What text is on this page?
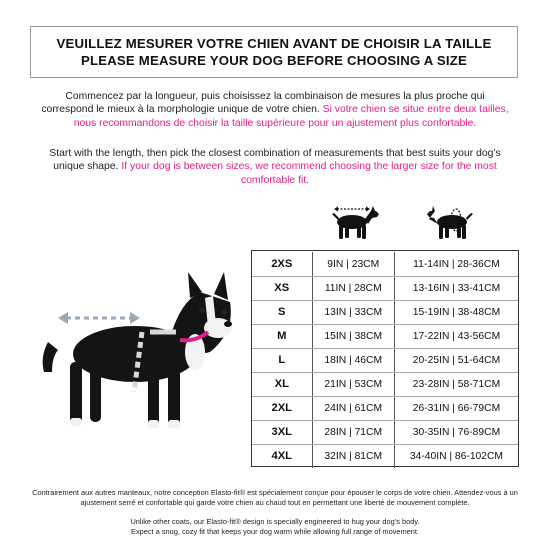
VEUILLEZ MESURER VOTRE CHIEN AVANT DE CHOISIR LA TAILLE
PLEASE MEASURE YOUR DOG BEFORE CHOOSING A SIZE
Commencez par la longueur, puis choisissez la combinaison de mesures la plus proche qui correspond le mieux à la morphologie unique de votre chien. Si votre chien se situe entre deux tailles, nous recommandons de choisir la taille supérieure pour un ajustement plus confortable.
Start with the length, then pick the closest combination of measurements that best suits your dog’s unique shape. If your dog is between sizes, we recommend choosing the larger size for the most comfortable fit.
2XS	9IN | 23CM	11-14IN | 28-36CM
XS	11IN | 28CM	13-16IN | 33-41CM
S	13IN | 33CM	15-19IN | 38-48CM
M	15IN | 38CM	17-22IN | 43-56CM
L	18IN | 46CM	20-25IN | 51-64CM
XL	21IN | 53CM	23-28IN | 58-71CM
2XL	24IN | 61CM	26-31IN | 66-79CM
3XL	28IN | 71CM	30-35IN | 76-89CM
4XL	32IN | 81CM	34-40IN | 86-102CM
Contrairement aux autres manteaux, notre conception Elasto-fit® est spécialement conçue pour épouser le corps de votre chien. Attendez-vous à un ajustement serré et confortable qui garde votre chien au chaud tout en permettant une liberté de mouvement complète.
Unlike other coats, our Elasto-fit® design is specially engineered to hug your dog’s body.
Expect a snug, cozy fit that keeps your dog warm while allowing full range of movement.
